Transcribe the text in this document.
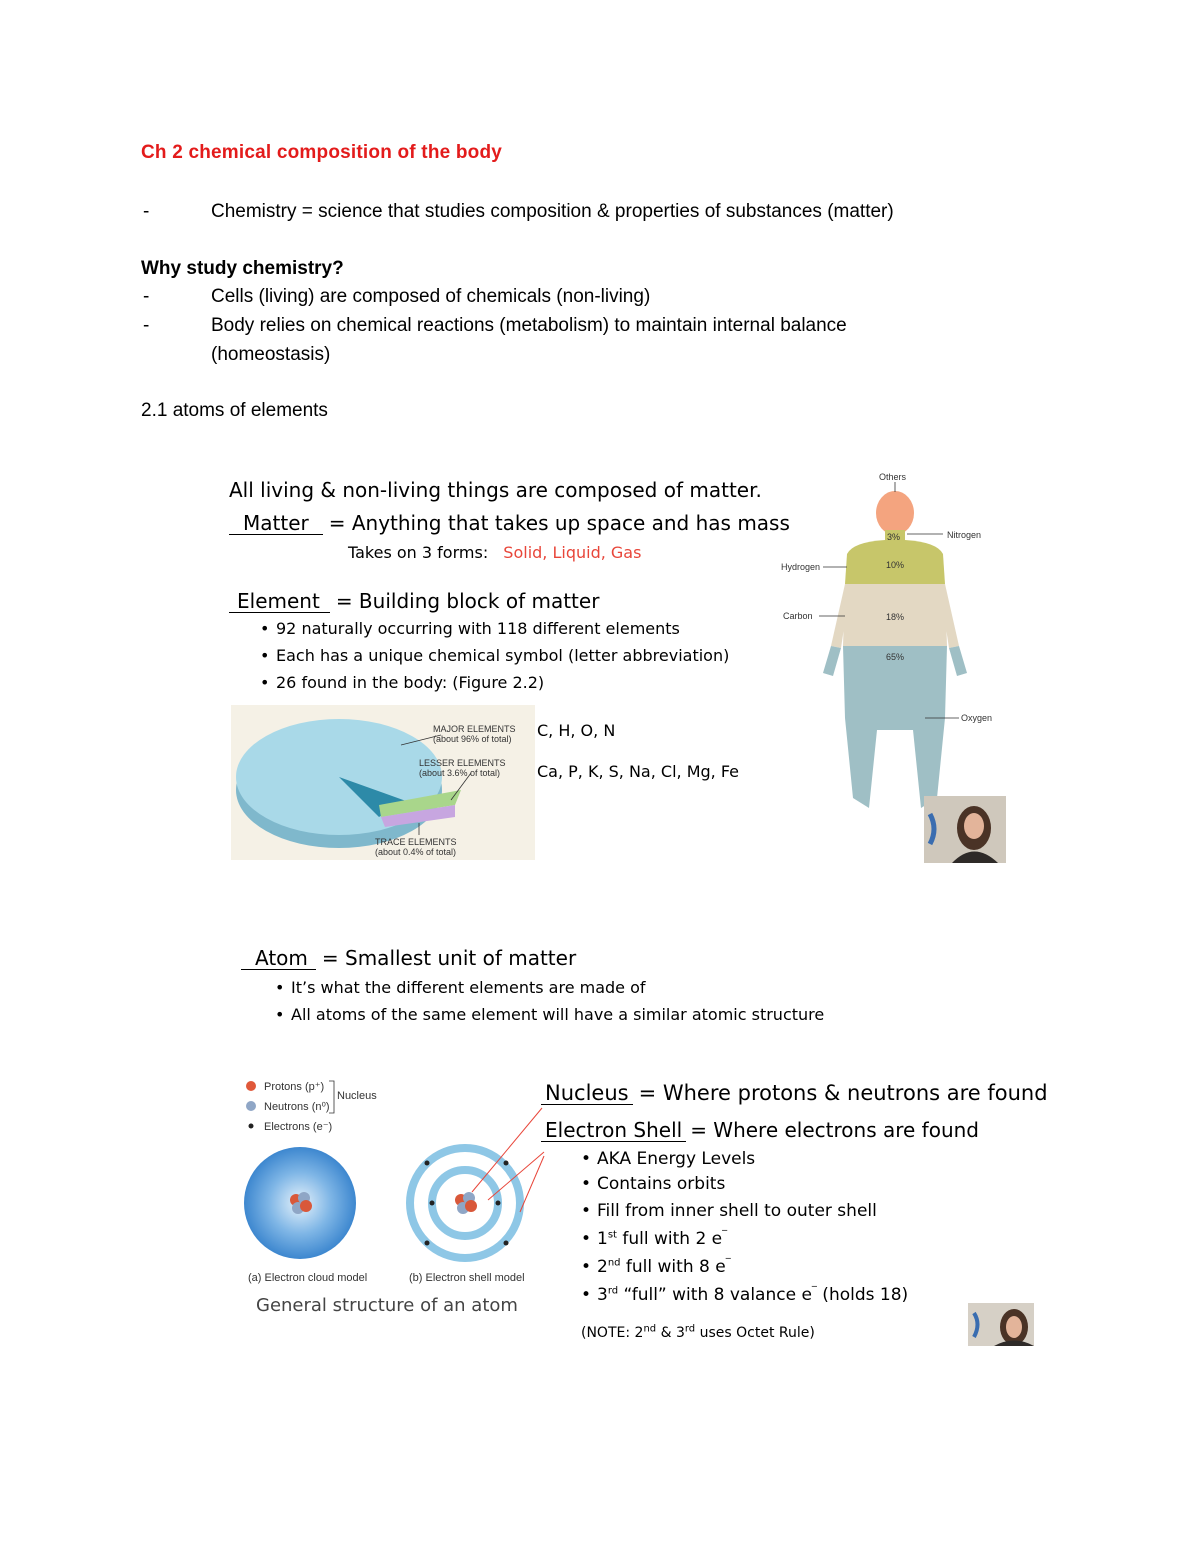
Ch 2 chemical composition of the body
-	Chemistry = science that studies composition & properties of substances (matter)
Why study chemistry?
-	Cells (living) are composed of chemicals (non-living)
-	Body relies on chemical reactions (metabolism) to maintain internal balance
(homeostasis)
2.1 atoms of elements
All living & non-living things are composed of matter.
Matter = Anything that takes up space and has mass
Takes on 3 forms: Solid, Liquid, Gas
Element = Building block of matter
• 92 naturally occurring with 118 different elements
• Each has a unique chemical symbol (letter abbreviation)
• 26 found in the body: (Figure 2.2)
MAJOR ELEMENTS
(about 96% of total)
LESSER ELEMENTS
(about 3.6% of total)
TRACE ELEMENTS
(about 0.4% of total)
C, H, O, N
Ca, P, K, S, Na, Cl, Mg, Fe
Others
Nitrogen
Hydrogen
Carbon
Oxygen
3%
10%
18%
65%
Atom = Smallest unit of matter
• It’s what the different elements are made of
• All atoms of the same element will have a similar atomic structure
Protons (p⁺)
Neutrons (n⁰)
Electrons (e⁻)
Nucleus
(a) Electron cloud model	(b) Electron shell model
General structure of an atom
Nucleus = Where protons & neutrons are found
Electron Shell = Where electrons are found
• AKA Energy Levels
• Contains orbits
• Fill from inner shell to outer shell
• 1st full with 2 e‾
• 2nd full with 8 e‾
• 3rd “full” with 8 valance e‾ (holds 18)
(NOTE: 2nd & 3rd uses Octet Rule)
